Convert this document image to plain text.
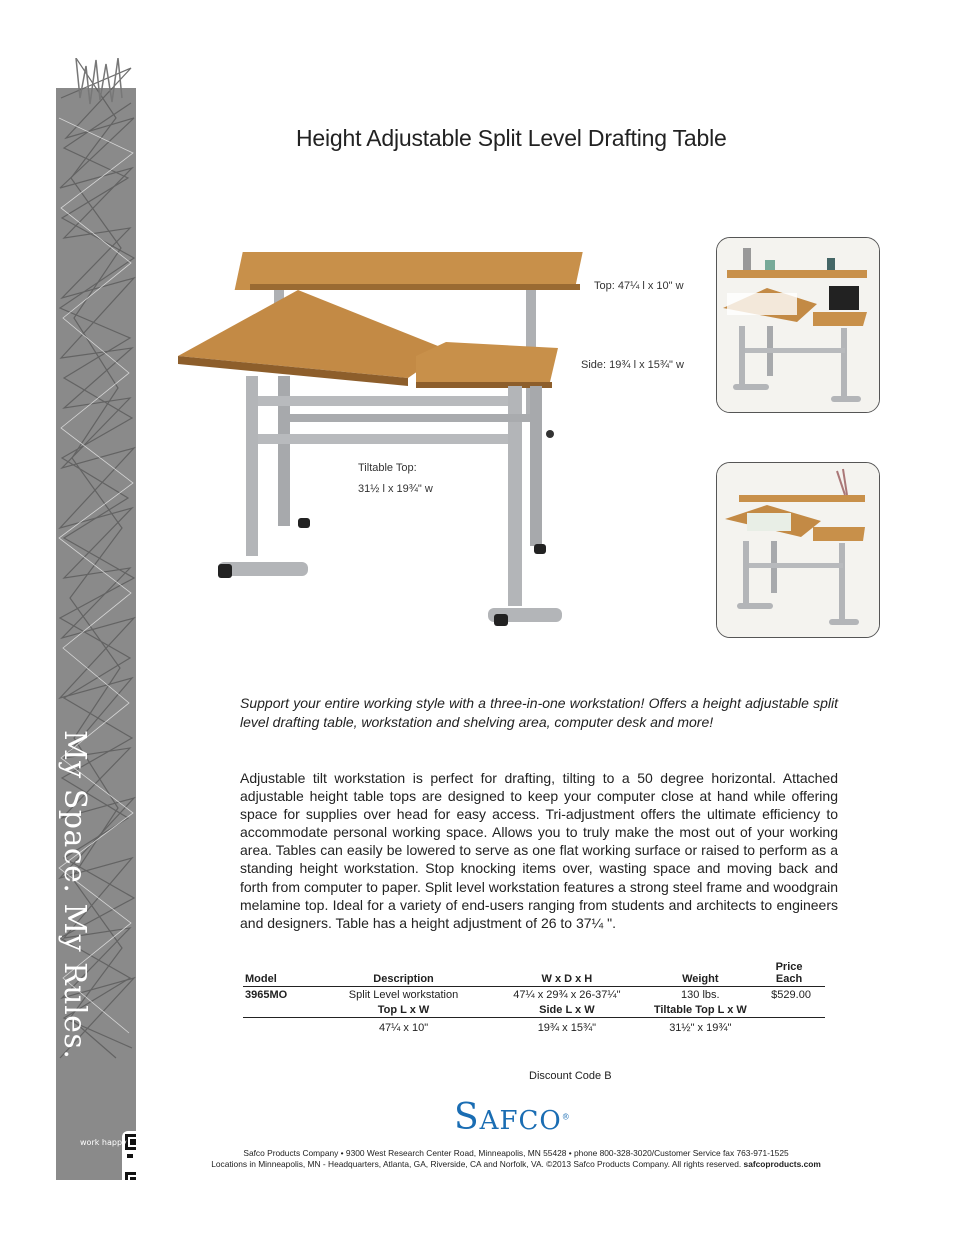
My Space. My Rules.
work happy
Height Adjustable Split Level Drafting Table
Top: 47¼ l x 10" w
Side: 19¾ l x 15¾" w
Tiltable Top:
31½ l x 19¾" w
Support your entire working style with a three-in-one workstation! Offers a height adjustable split level drafting table, workstation and shelving area, computer desk and more!
Adjustable tilt workstation is perfect for drafting, tilting to a 50 degree horizontal. Attached adjustable height table tops are designed to keep your computer close at hand while offering space for supplies over head for easy access. Tri-adjustment offers the ultimate efficiency to accommodate personal working space. Allows you to truly make the most out of your working area. Tables can easily be lowered to serve as one flat working surface or raised to perform as a standing height workstation. Stop knocking items over, wasting space and moving back and forth from computer to paper. Split level workstation features a strong steel frame and woodgrain melamine top. Ideal for a variety of end-users ranging from students and architects to engineers and designers. Table has a height adjustment of 26 to 37¼ ".
Model	Description	W x D x H	Weight	Price
Each

3965MO	Split Level workstation	47¼ x 29¾ x 26-37¼"	130 lbs.	$529.00
	Top L x W	Side L x W	Tiltable Top L x W	
	47¼ x 10"	19¾ x 15¾"	31½" x 19¾"	
Discount Code B
SAFCO®
Safco Products Company • 9300 West Research Center Road, Minneapolis, MN 55428 • phone 800-328-3020/Customer Service fax 763-971-1525
Locations in Minneapolis, MN - Headquarters, Atlanta, GA, Riverside, CA and Norfolk, VA. ©2013 Safco Products Company. All rights reserved. safcoproducts.com
